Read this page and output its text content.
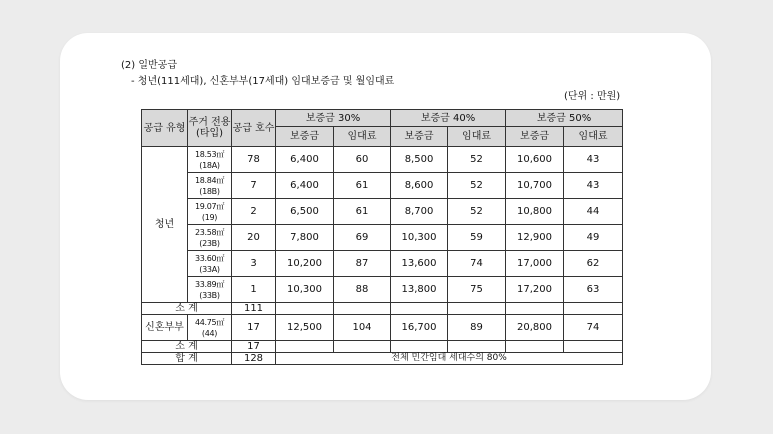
(2) 일반공급
- 청년(111세대), 신혼부부(17세대) 임대보증금 및 월임대료
(단위 : 만원)
공급 유형	주거 전용 (타입)	공급 호수	보증금 30%		보증금 40%		보증금 50%	
			보증금	임대료	보증금	임대료	보증금	임대료
청년	18.53㎡
(18A)	78	6,400	60	8,500	52	10,600	43
	18.84㎡
(18B)	7	6,400	61	8,600	52	10,700	43
	19.07㎡
(19)	2	6,500	61	8,700	52	10,800	44
	23.58㎡
(23B)	20	7,800	69	10,300	59	12,900	49
	33.60㎡
(33A)	3	10,200	87	13,600	74	17,000	62
	33.89㎡
(33B)	1	10,300	88	13,800	75	17,200	63
소 계		111						
신혼부부	44.75㎡
(44)	17	12,500	104	16,700	89	20,800	74
소 계		17						
합 계		128	전체 민간임대 세대수의 80%					
